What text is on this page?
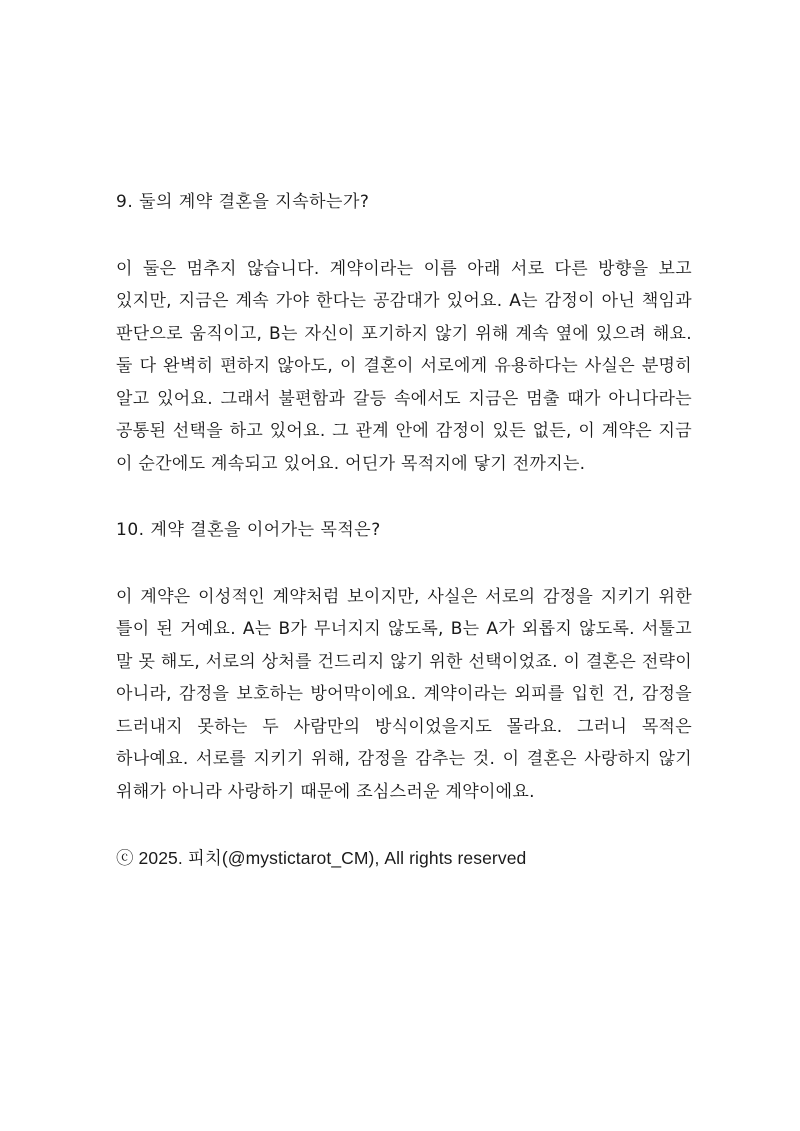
9. 둘의 계약 결혼을 지속하는가?

이 둘은 멈추지 않습니다. 계약이라는 이름 아래 서로 다른 방향을 보고 있지만, 지금은 계속 가야 한다는 공감대가 있어요. A는 감정이 아닌 책임과 판단으로 움직이고, B는 자신이 포기하지 않기 위해 계속 옆에 있으려 해요. 둘 다 완벽히 편하지 않아도, 이 결혼이 서로에게 유용하다는 사실은 분명히 알고 있어요. 그래서 불편함과 갈등 속에서도 지금은 멈출 때가 아니다라는 공통된 선택을 하고 있어요. 그 관계 안에 감정이 있든 없든, 이 계약은 지금 이 순간에도 계속되고 있어요. 어딘가 목적지에 닿기 전까지는.

10. 계약 결혼을 이어가는 목적은?

이 계약은 이성적인 계약처럼 보이지만, 사실은 서로의 감정을 지키기 위한 틀이 된 거예요. A는 B가 무너지지 않도록, B는 A가 외롭지 않도록. 서툴고 말 못 해도, 서로의 상처를 건드리지 않기 위한 선택이었죠. 이 결혼은 전략이 아니라, 감정을 보호하는 방어막이에요. 계약이라는 외피를 입힌 건, 감정을 드러내지 못하는 두 사람만의 방식이었을지도 몰라요. 그러니 목적은 하나예요. 서로를 지키기 위해, 감정을 감추는 것. 이 결혼은 사랑하지 않기 위해가 아니라 사랑하기 때문에 조심스러운 계약이에요.

ⓒ 2025. 피치(@mystictarot_CM), All rights reserved
